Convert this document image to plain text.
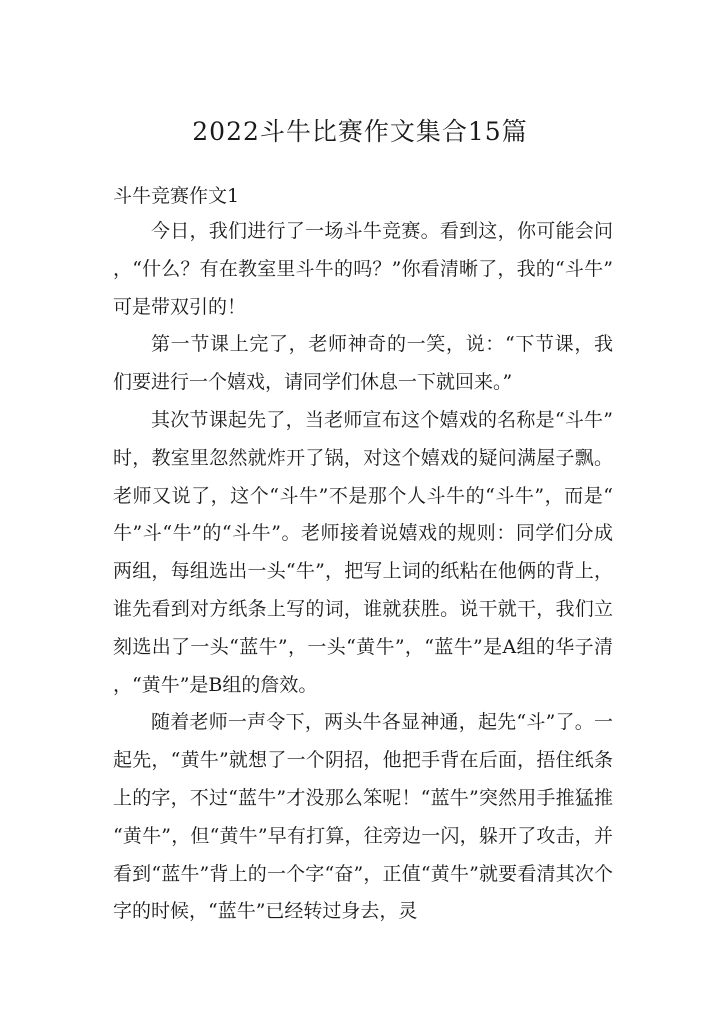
2022斗牛比赛作文集合15篇
斗牛竞赛作文1

今日，我们进行了一场斗牛竞赛。看到这，你可能会问，“什么？有在教室里斗牛的吗？”你看清晰了，我的“斗牛”可是带双引的！

第一节课上完了，老师神奇的一笑，说：“下节课，我们要进行一个嬉戏，请同学们休息一下就回来。”

其次节课起先了，当老师宣布这个嬉戏的名称是“斗牛”时，教室里忽然就炸开了锅，对这个嬉戏的疑问满屋子飘。老师又说了，这个“斗牛”不是那个人斗牛的“斗牛”，而是“牛”斗“牛”的“斗牛”。老师接着说嬉戏的规则：同学们分成两组，每组选出一头“牛”，把写上词的纸粘在他俩的背上，谁先看到对方纸条上写的词，谁就获胜。说干就干，我们立刻选出了一头“蓝牛”，一头“黄牛”，“蓝牛”是A组的华子清，“黄牛”是B组的詹效。

随着老师一声令下，两头牛各显神通，起先“斗”了。一起先，“黄牛”就想了一个阴招，他把手背在后面，捂住纸条上的字，不过“蓝牛”才没那么笨呢！“蓝牛”突然用手推猛推“黄牛”，但“黄牛”早有打算，往旁边一闪，躲开了攻击，并看到“蓝牛”背上的一个字“奋”，正值“黄牛”就要看清其次个字的时候，“蓝牛”已经转过身去，灵
